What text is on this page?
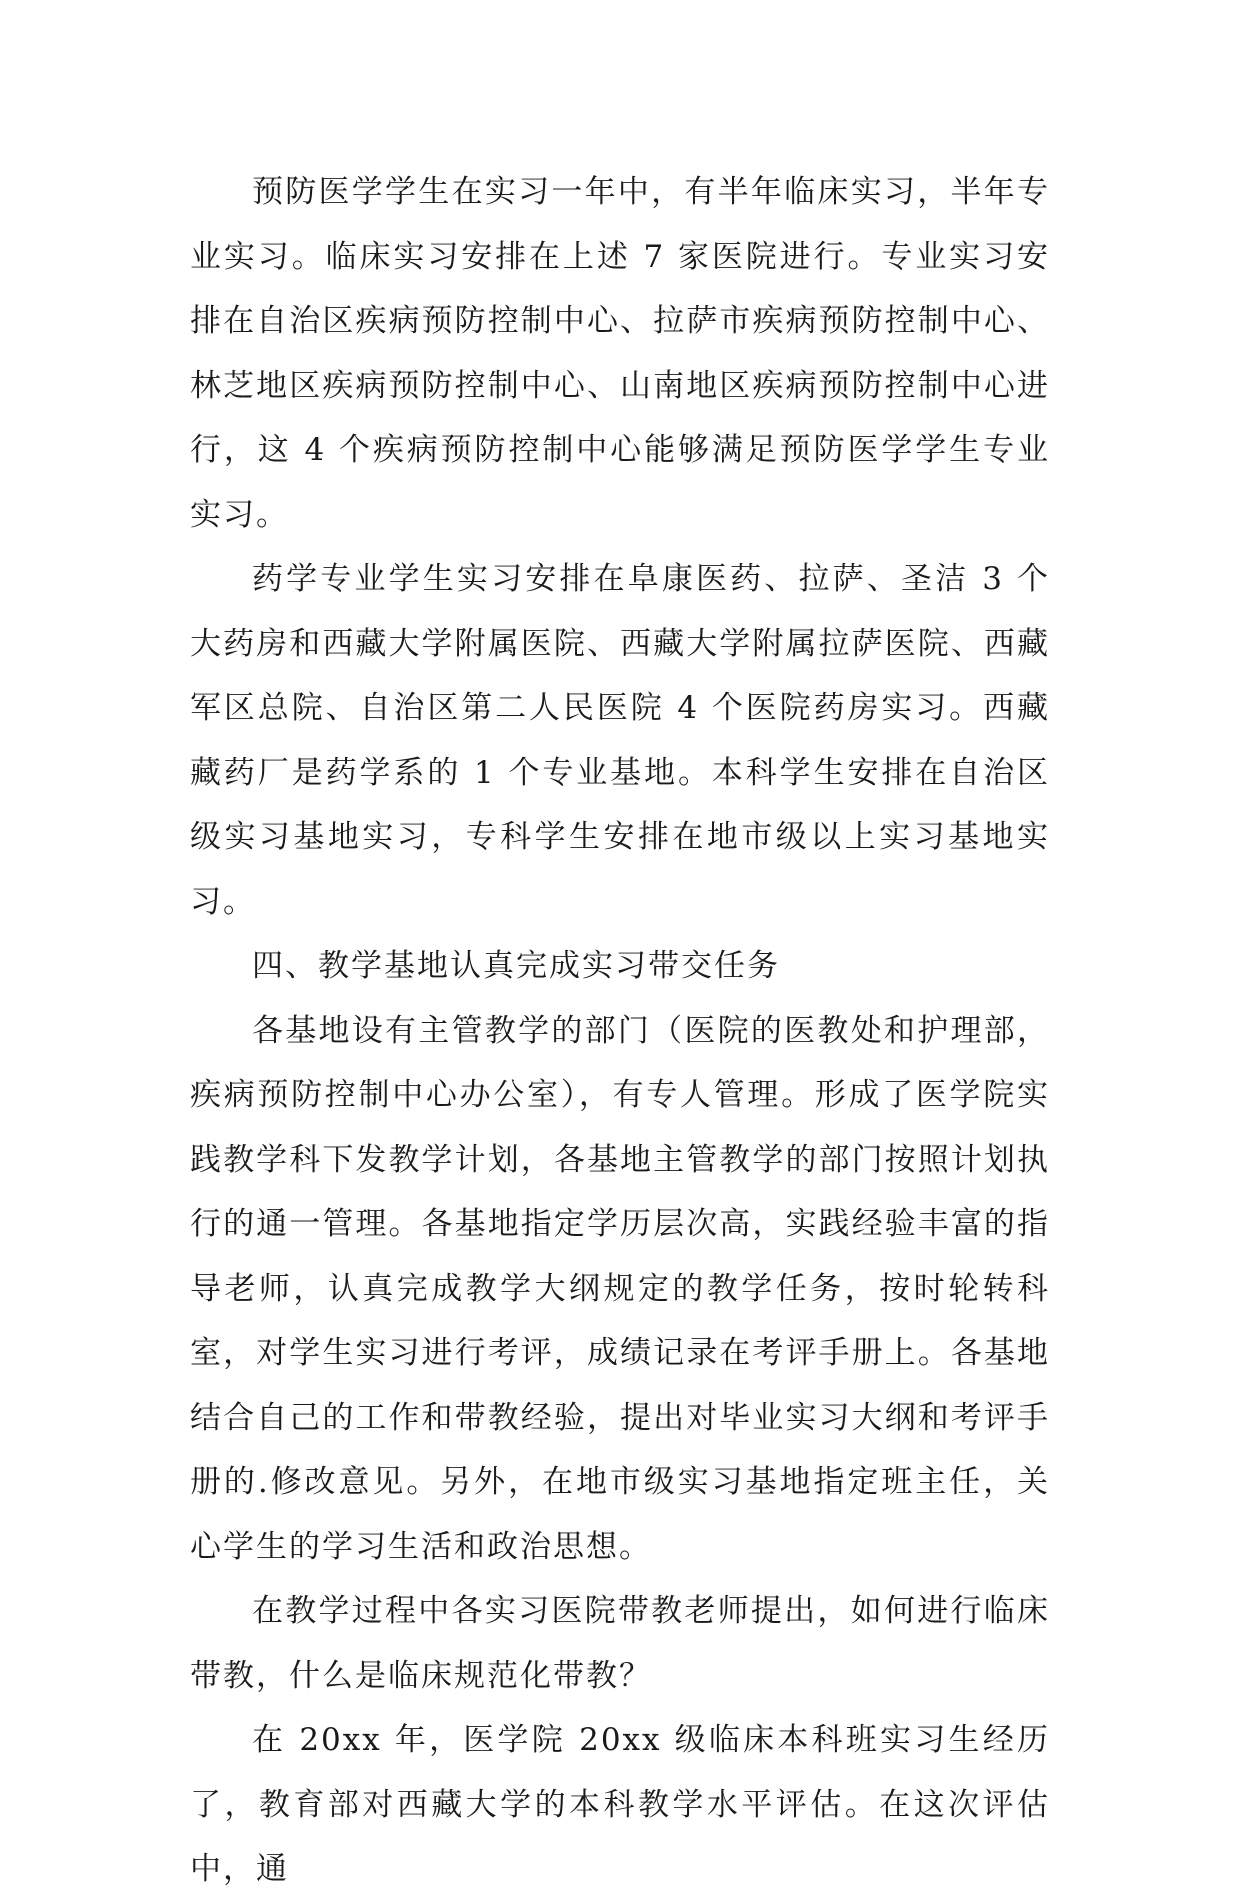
预防医学学生在实习一年中，有半年临床实习，半年专业实习。临床实习安排在上述 7 家医院进行。专业实习安排在自治区疾病预防控制中心、拉萨市疾病预防控制中心、林芝地区疾病预防控制中心、山南地区疾病预防控制中心进行，这 4 个疾病预防控制中心能够满足预防医学学生专业实习。

药学专业学生实习安排在阜康医药、拉萨、圣洁 3 个大药房和西藏大学附属医院、西藏大学附属拉萨医院、西藏军区总院、自治区第二人民医院 4 个医院药房实习。西藏藏药厂是药学系的 1 个专业基地。本科学生安排在自治区级实习基地实习，专科学生安排在地市级以上实习基地实习。

四、教学基地认真完成实习带交任务

各基地设有主管教学的部门（医院的医教处和护理部，疾病预防控制中心办公室），有专人管理。形成了医学院实践教学科下发教学计划，各基地主管教学的部门按照计划执行的通一管理。各基地指定学历层次高，实践经验丰富的指导老师，认真完成教学大纲规定的教学任务，按时轮转科室，对学生实习进行考评，成绩记录在考评手册上。各基地结合自己的工作和带教经验，提出对毕业实习大纲和考评手册的.修改意见。另外，在地市级实习基地指定班主任，关心学生的学习生活和政治思想。

在教学过程中各实习医院带教老师提出，如何进行临床带教，什么是临床规范化带教？

在 20xx 年，医学院 20xx 级临床本科班实习生经历了，教育部对西藏大学的本科教学水平评估。在这次评估中，通
